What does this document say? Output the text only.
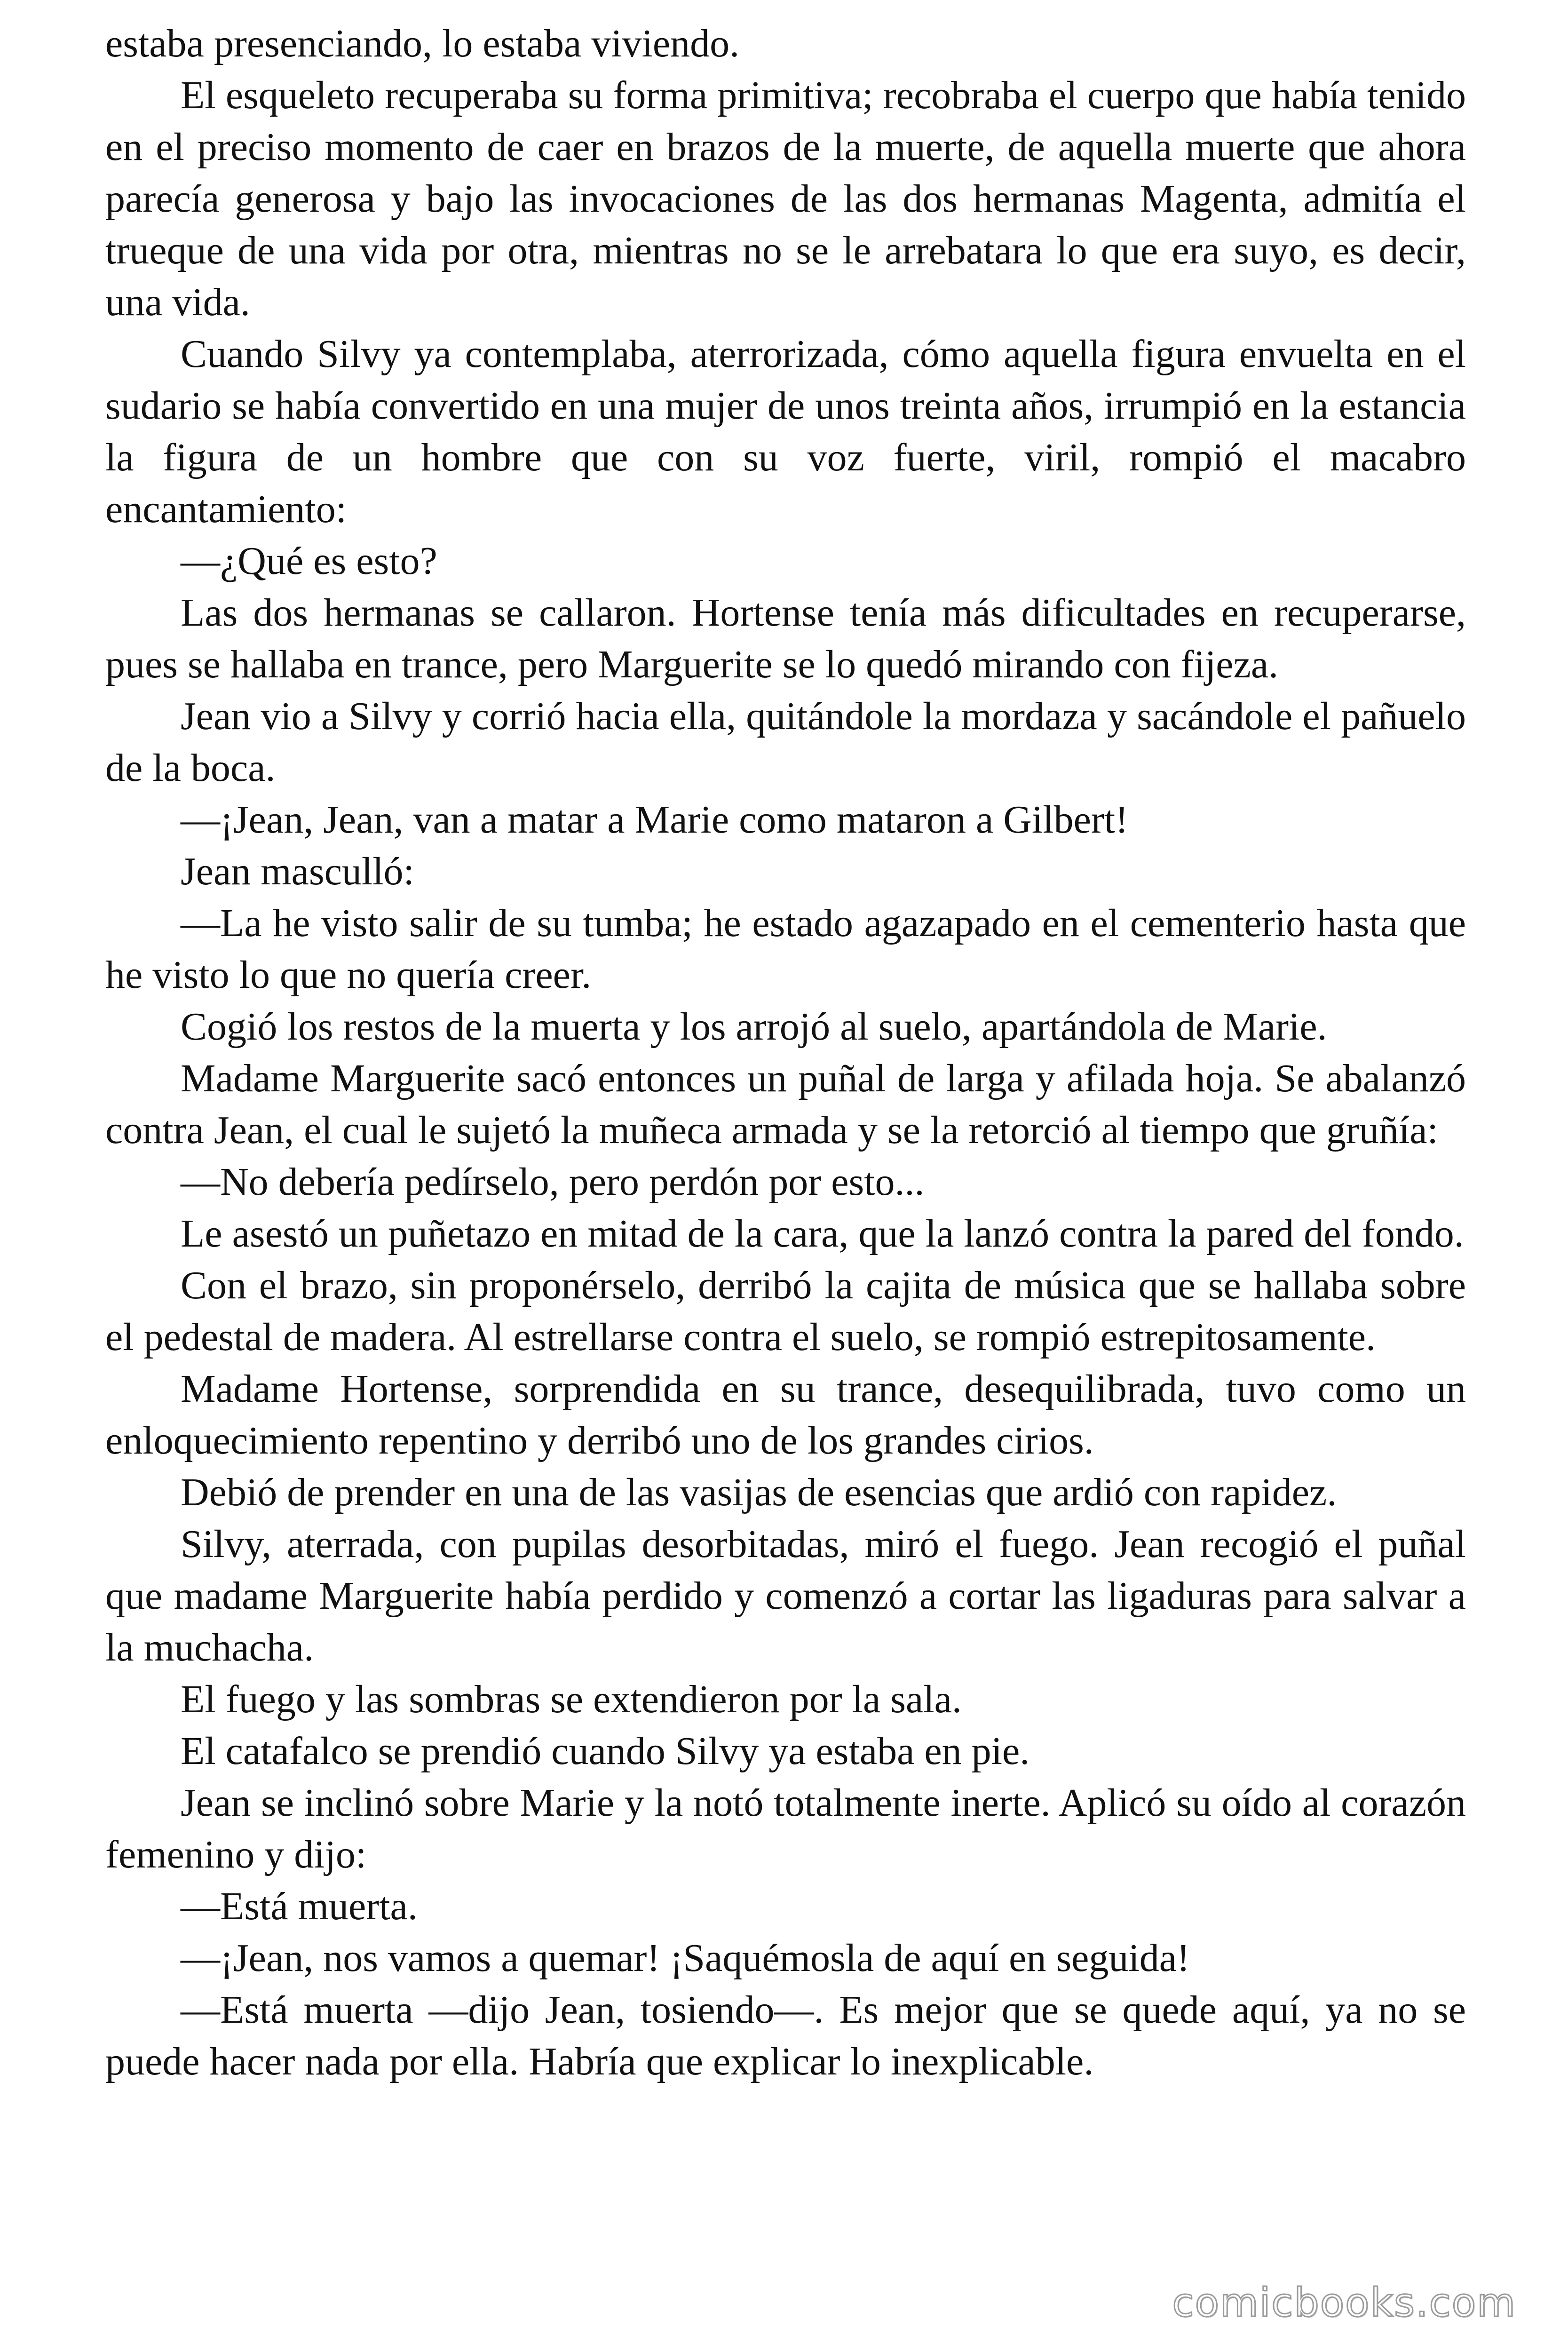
estaba presenciando, lo estaba viviendo.

El esqueleto recuperaba su forma primitiva; recobraba el cuerpo que había tenido en el preciso momento de caer en brazos de la muerte, de aquella muerte que ahora parecía generosa y bajo las invocaciones de las dos hermanas Magenta, admitía el trueque de una vida por otra, mientras no se le arrebatara lo que era suyo, es decir, una vida.

Cuando Silvy ya contemplaba, aterrorizada, cómo aquella figura envuelta en el sudario se había convertido en una mujer de unos treinta años, irrumpió en la estancia la figura de un hombre que con su voz fuerte, viril, rompió el macabro encantamiento:

—¿Qué es esto?

Las dos hermanas se callaron. Hortense tenía más dificultades en recuperarse, pues se hallaba en trance, pero Marguerite se lo quedó mirando con fijeza.

Jean vio a Silvy y corrió hacia ella, quitándole la mordaza y sacándole el pañuelo de la boca.

—¡Jean, Jean, van a matar a Marie como mataron a Gilbert!

Jean masculló:

—La he visto salir de su tumba; he estado agazapado en el cementerio hasta que he visto lo que no quería creer.

Cogió los restos de la muerta y los arrojó al suelo, apartándola de Marie.

Madame Marguerite sacó entonces un puñal de larga y afilada hoja. Se abalanzó contra Jean, el cual le sujetó la muñeca armada y se la retorció al tiempo que gruñía:

—No debería pedírselo, pero perdón por esto...

Le asestó un puñetazo en mitad de la cara, que la lanzó contra la pared del fondo.

Con el brazo, sin proponérselo, derribó la cajita de música que se hallaba sobre el pedestal de madera. Al estrellarse contra el suelo, se rompió estrepitosamente.

Madame Hortense, sorprendida en su trance, desequilibrada, tuvo como un enloquecimiento repentino y derribó uno de los grandes cirios.

Debió de prender en una de las vasijas de esencias que ardió con rapidez.

Silvy, aterrada, con pupilas desorbitadas, miró el fuego. Jean recogió el puñal que madame Marguerite había perdido y comenzó a cortar las ligaduras para salvar a la muchacha.

El fuego y las sombras se extendieron por la sala.

El catafalco se prendió cuando Silvy ya estaba en pie.

Jean se inclinó sobre Marie y la notó totalmente inerte. Aplicó su oído al corazón femenino y dijo:

—Está muerta.

—¡Jean, nos vamos a quemar! ¡Saquémosla de aquí en seguida!

—Está muerta —dijo Jean, tosiendo—. Es mejor que se quede aquí, ya no se puede hacer nada por ella. Habría que explicar lo inexplicable.

comicbooks.com
